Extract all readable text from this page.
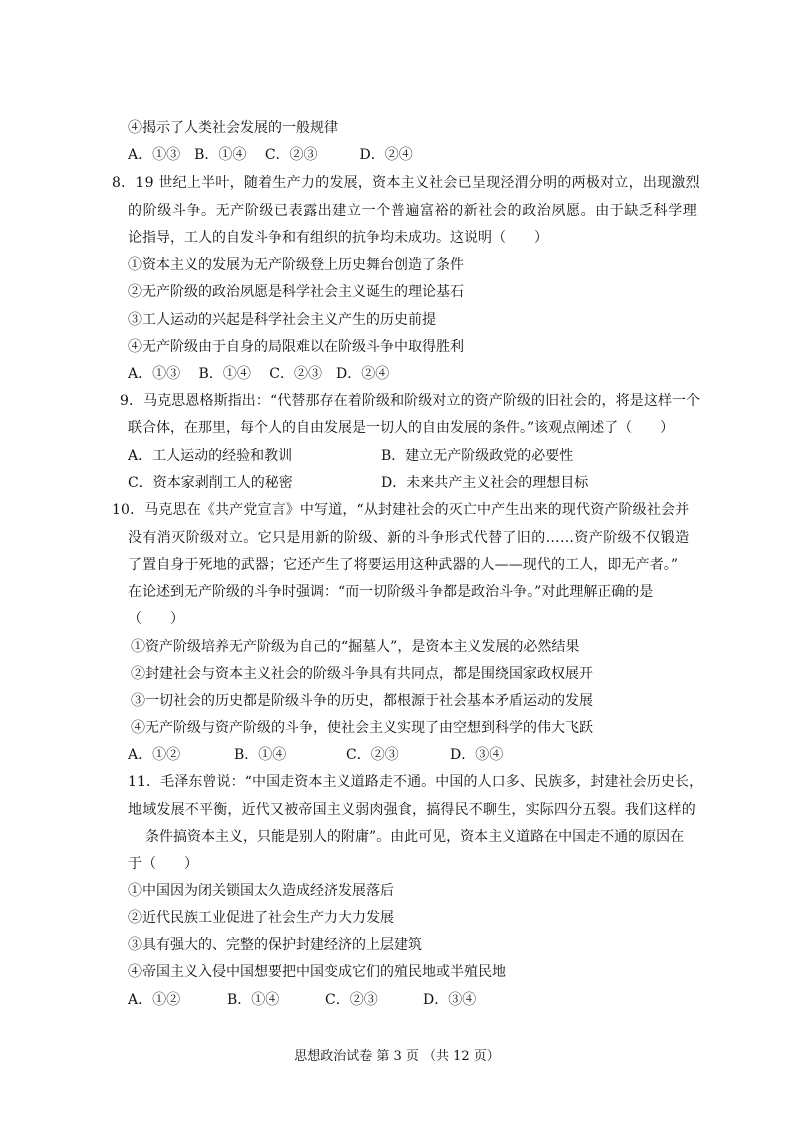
④揭示了人类社会发展的一般规律
A．①③　B．①④　 C．②③　　　D．②④
8．19 世纪上半叶，随着生产力的发展，资本主义社会已呈现泾渭分明的两极对立，出现激烈
的阶级斗争。无产阶级已表露出建立一个普遍富裕的新社会的政治夙愿。由于缺乏科学理
论指导，工人的自发斗争和有组织的抗争均未成功。这说明（　　）
①资本主义的发展为无产阶级登上历史舞台创造了条件
②无产阶级的政治夙愿是科学社会主义诞生的理论基石
③工人运动的兴起是科学社会主义产生的历史前提
④无产阶级由于自身的局限难以在阶级斗争中取得胜利
A．①③　 B．①④　 C．②③　D．②④
9．马克思恩格斯指出：“代替那存在着阶级和阶级对立的资产阶级的旧社会的，将是这样一个
联合体，在那里，每个人的自由发展是一切人的自由发展的条件。”该观点阐述了（　　）
A．工人运动的经验和教训	B．建立无产阶级政党的必要性
C．资本家剥削工人的秘密	D．未来共产主义社会的理想目标
10．马克思在《共产党宣言》中写道，“从封建社会的灭亡中产生出来的现代资产阶级社会并
没有消灭阶级对立。它只是用新的阶级、新的斗争形式代替了旧的……资产阶级不仅锻造
了置自身于死地的武器；它还产生了将要运用这种武器的人——现代的工人，即无产者。”
在论述到无产阶级的斗争时强调：“而一切阶级斗争都是政治斗争。”对此理解正确的是
（　　）
①资产阶级培养无产阶级为自己的“掘墓人”，是资本主义发展的必然结果
②封建社会与资本主义社会的阶级斗争具有共同点，都是围绕国家政权展开
③一切社会的历史都是阶级斗争的历史，都根源于社会基本矛盾运动的发展
④无产阶级与资产阶级的斗争，使社会主义实现了由空想到科学的伟大飞跃
A．①②	B．①④	C．②③	D．③④
11．毛泽东曾说：“中国走资本主义道路走不通。中国的人口多、民族多，封建社会历史长，
地域发展不平衡，近代又被帝国主义弱肉强食，搞得民不聊生，实际四分五裂。我们这样的
条件搞资本主义，只能是别人的附庸”。由此可见，资本主义道路在中国走不通的原因在
于（　　）
①中国因为闭关锁国太久造成经济发展落后
②近代民族工业促进了社会生产力大力发展
③具有强大的、完整的保护封建经济的上层建筑
④帝国主义入侵中国想要把中国变成它们的殖民地或半殖民地
A．①②	B．①④	C．②③	D．③④
思想政治试卷 第 3 页 （共 12 页）
